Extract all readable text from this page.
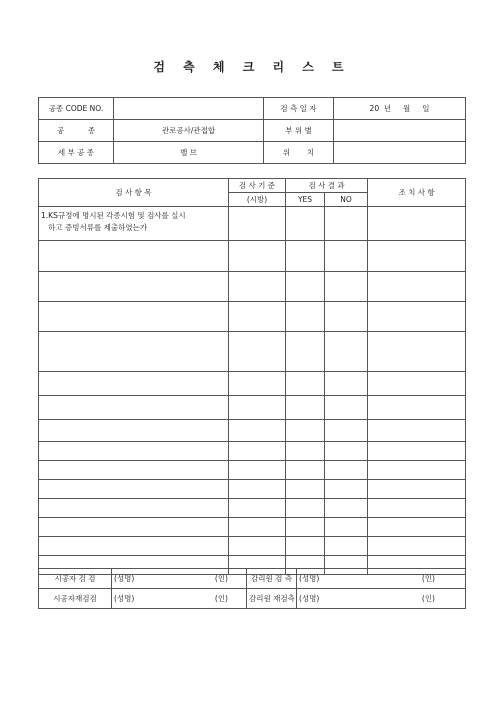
검 측 체 크 리 스 트
공종 CODE NO.		검 측 일 자	20  년     월     일
공          종	관로공사/관접합	부 위 별	
세 부 공 종	밸 브	위       치	
검 사 항 목	검 사 기 준	검 사 결 과		조 치 사 항
	(시방)	YES	NO	
1.KS규정에 명시된 각종시험 및 검사를 실시
하고 증빙서류를 제출하였는가				

시공자 검 검	(성명)	(인)	감리원 검 측	(성명)	(인)
시공자재검검	(성명)	(인)	감리원 재검측	(성명)	(인)
